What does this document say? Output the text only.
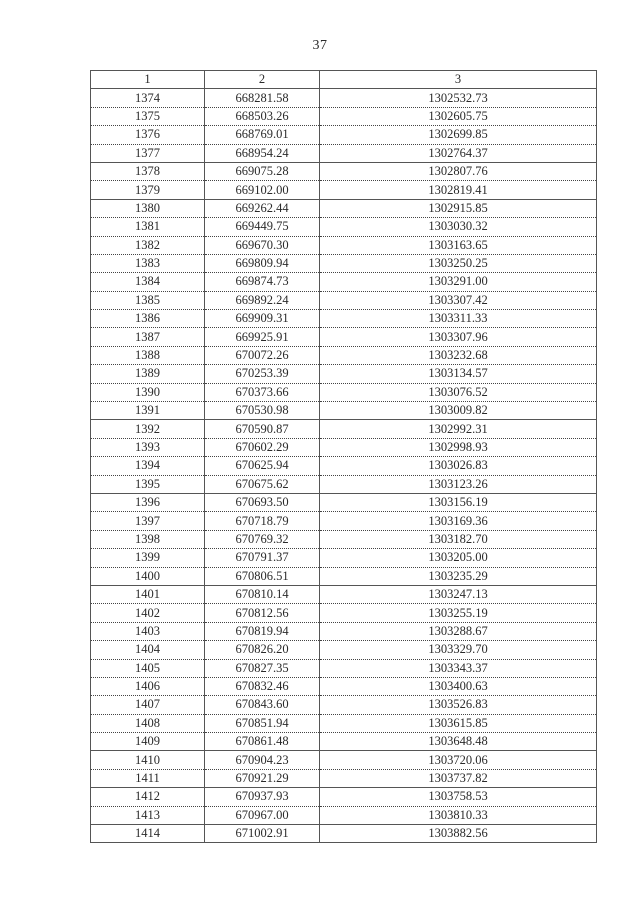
37
1	2	3
1374	668281.58	1302532.73
1375	668503.26	1302605.75
1376	668769.01	1302699.85
1377	668954.24	1302764.37
1378	669075.28	1302807.76
1379	669102.00	1302819.41
1380	669262.44	1302915.85
1381	669449.75	1303030.32
1382	669670.30	1303163.65
1383	669809.94	1303250.25
1384	669874.73	1303291.00
1385	669892.24	1303307.42
1386	669909.31	1303311.33
1387	669925.91	1303307.96
1388	670072.26	1303232.68
1389	670253.39	1303134.57
1390	670373.66	1303076.52
1391	670530.98	1303009.82
1392	670590.87	1302992.31
1393	670602.29	1302998.93
1394	670625.94	1303026.83
1395	670675.62	1303123.26
1396	670693.50	1303156.19
1397	670718.79	1303169.36
1398	670769.32	1303182.70
1399	670791.37	1303205.00
1400	670806.51	1303235.29
1401	670810.14	1303247.13
1402	670812.56	1303255.19
1403	670819.94	1303288.67
1404	670826.20	1303329.70
1405	670827.35	1303343.37
1406	670832.46	1303400.63
1407	670843.60	1303526.83
1408	670851.94	1303615.85
1409	670861.48	1303648.48
1410	670904.23	1303720.06
1411	670921.29	1303737.82
1412	670937.93	1303758.53
1413	670967.00	1303810.33
1414	671002.91	1303882.56
